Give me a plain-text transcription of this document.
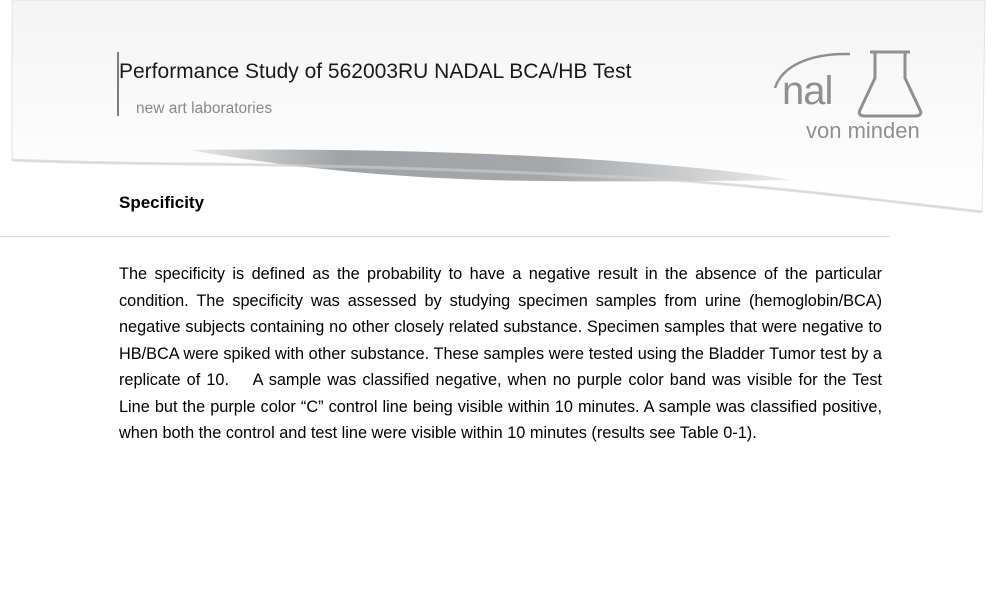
Performance Study of 562003RU NADAL BCA/HB Test
new art laboratories	nal
von minden
Specificity
The specificity is defined as the probability to have a negative result in the absence of the particular condition. The specificity was assessed by studying specimen samples from urine (hemoglobin/BCA) negative subjects containing no other closely related substance. Specimen samples that were negative to HB/BCA were spiked with other substance. These samples were tested using the Bladder Tumor test by a replicate of 10.    A sample was classified negative, when no purple color band was visible for the Test Line but the purple color “C” control line being visible within 10 minutes. A sample was classified positive, when both the control and test line were visible within 10 minutes (results see Table 0-1).
